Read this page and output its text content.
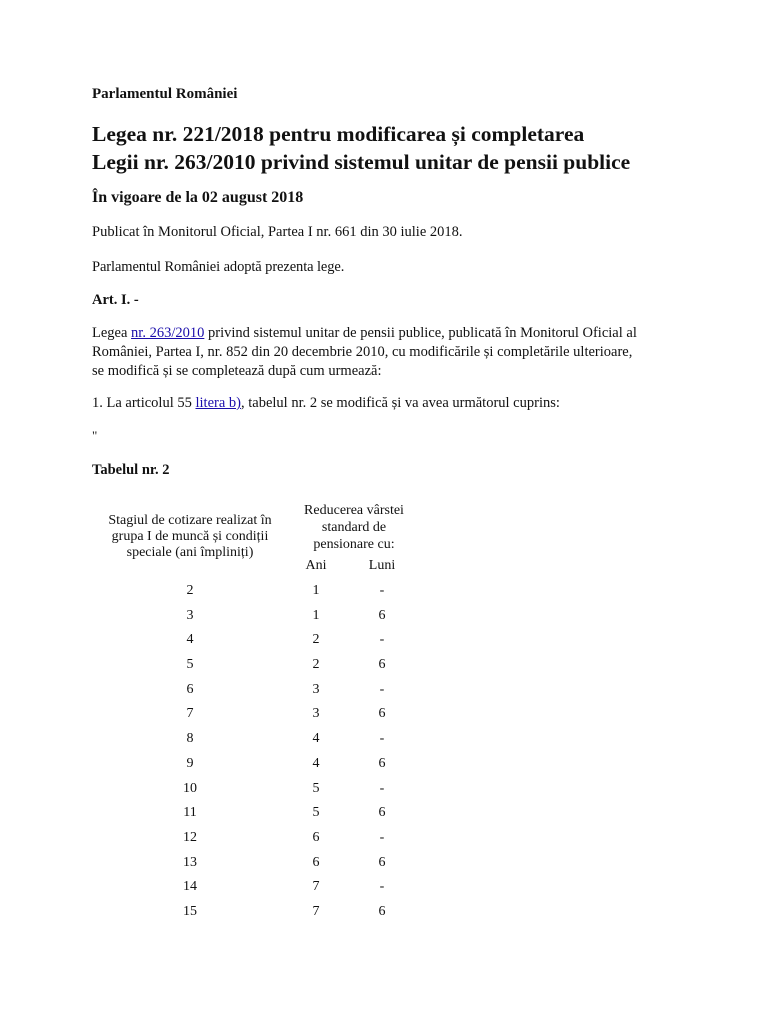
Parlamentul României

Legea nr. 221/2018 pentru modificarea și completarea
Legii nr. 263/2010 privind sistemul unitar de pensii publice

În vigoare de la 02 august 2018

Publicat în Monitorul Oficial, Partea I nr. 661 din 30 iulie 2018.

Parlamentul României adoptă prezenta lege.

Art. I. -

Legea nr. 263/2010 privind sistemul unitar de pensii publice, publicată în Monitorul Oficial al
României, Partea I, nr. 852 din 20 decembrie 2010, cu modificările și completările ulterioare,
se modifică și se completează după cum urmează:

1. La articolul 55 litera b), tabelul nr. 2 se modifică și va avea următorul cuprins:

"

Tabelul nr. 2

Stagiul de cotizare realizat în grupa I de muncă și condiții speciale (ani împliniți)
Reducerea vârstei
standard de
pensionare cu:
Ani	Luni
2	1	-
3	1	6
4	2	-
5	2	6
6	3	-
7	3	6
8	4	-
9	4	6
10	5	-
11	5	6
12	6	-
13	6	6
14	7	-
15	7	6
